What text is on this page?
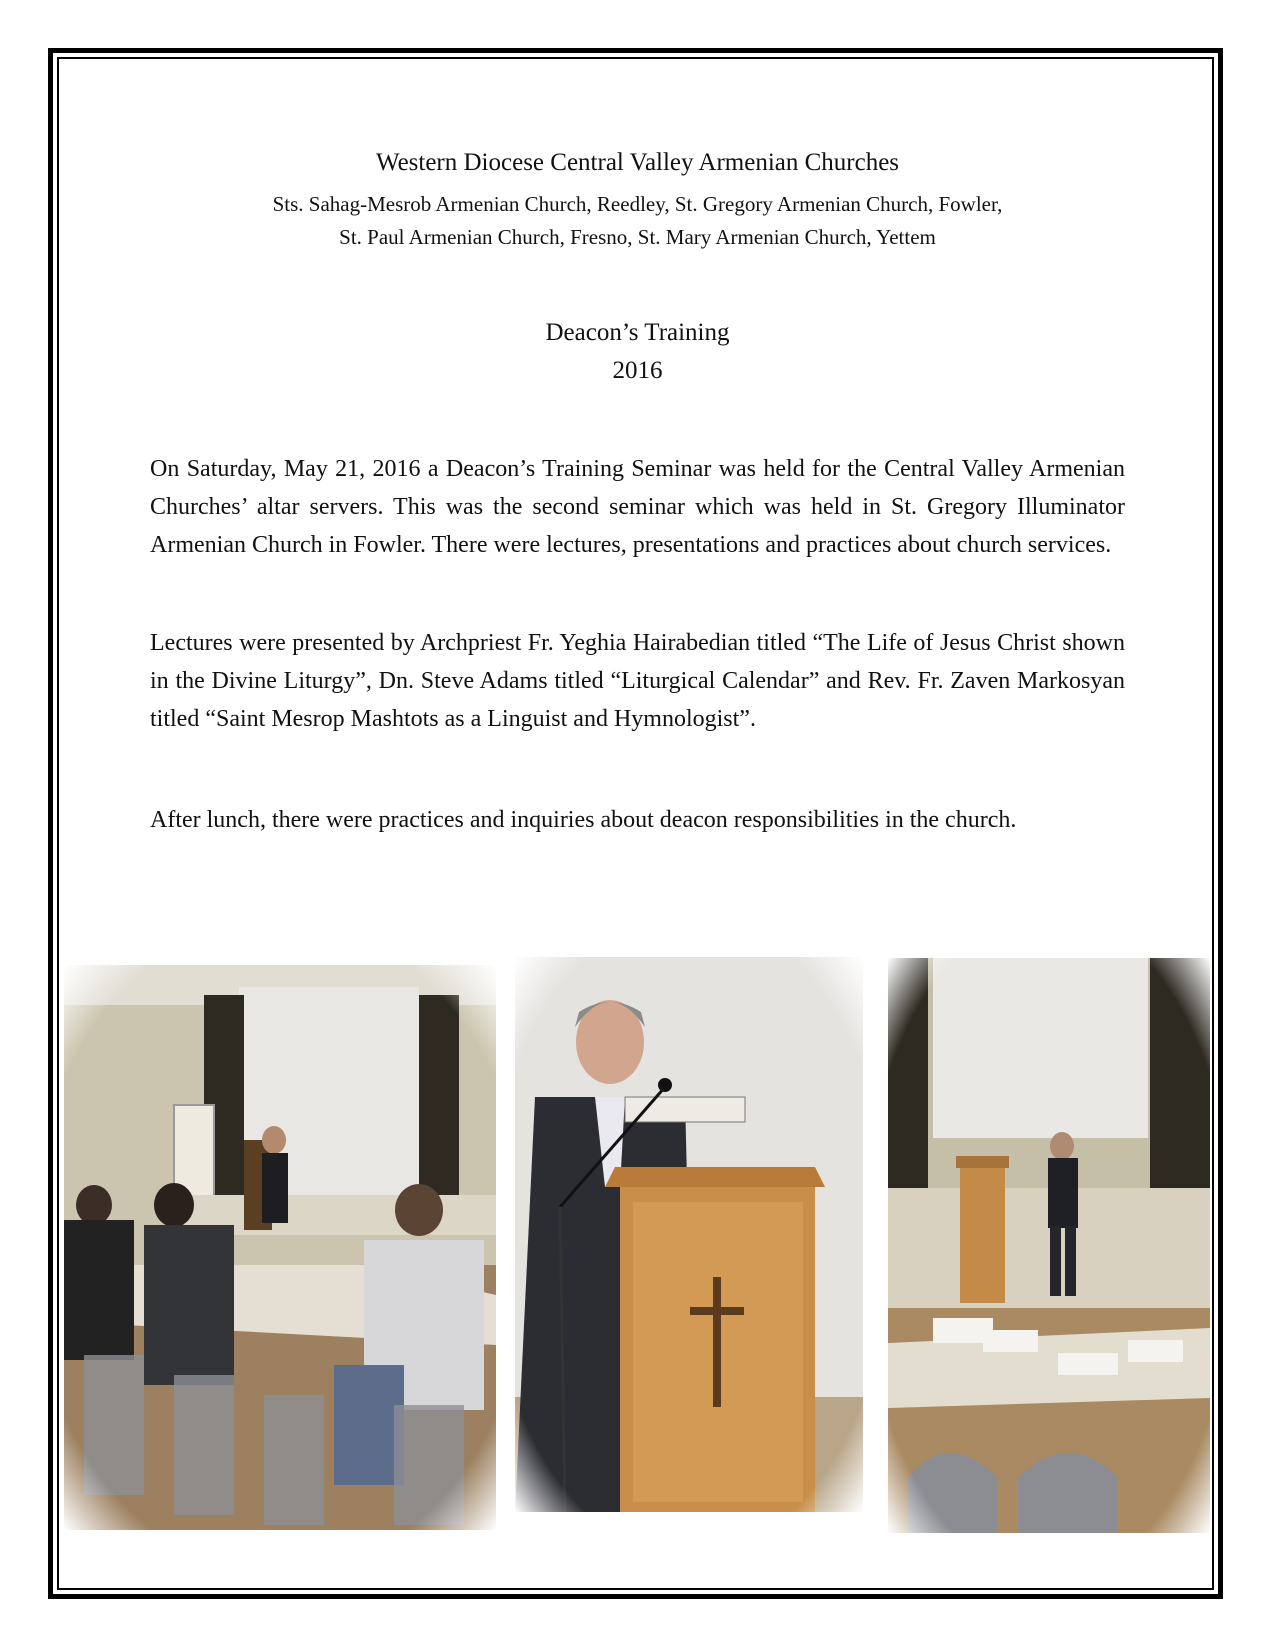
Western Diocese Central Valley Armenian Churches
Sts. Sahag-Mesrob Armenian Church, Reedley, St. Gregory Armenian Church, Fowler,
St. Paul Armenian Church, Fresno, St. Mary Armenian Church, Yettem
Deacon’s Training
2016
On Saturday, May 21, 2016 a Deacon’s Training Seminar was held for the Central Valley Armenian Churches’ altar servers. This was the second seminar which was held in St. Gregory Illuminator Armenian Church in Fowler. There were lectures, presentations and practices about church services.
Lectures were presented by Archpriest Fr. Yeghia Hairabedian titled “The Life of Jesus Christ shown in the Divine Liturgy”, Dn. Steve Adams titled “Liturgical Calendar” and Rev. Fr. Zaven Markosyan titled “Saint Mesrop Mashtots as a Linguist and Hymnologist”.
After lunch, there were practices and inquiries about deacon responsibilities in the church.
